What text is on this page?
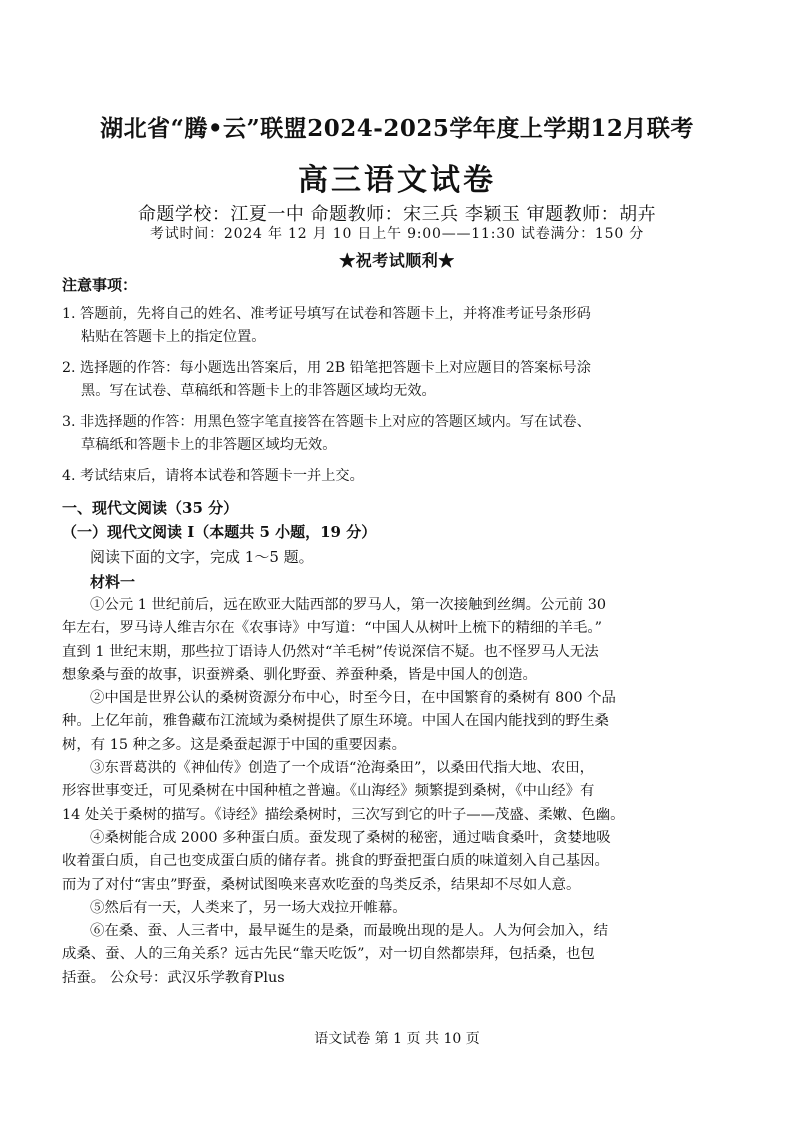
湖北省“腾•云”联盟2024-2025学年度上学期12月联考
高三语文试卷
命题学校：江夏一中 命题教师：宋三兵 李颖玉 审题教师：胡卉
考试时间：2024 年 12 月 10 日上午 9:00——11:30 试卷满分：150 分
★祝考试顺利★
注意事项：
1. 答题前，先将自己的姓名、准考证号填写在试卷和答题卡上，并将准考证号条形码
粘贴在答题卡上的指定位置。
2. 选择题的作答：每小题选出答案后，用 2B 铅笔把答题卡上对应题目的答案标号涂
黑。写在试卷、草稿纸和答题卡上的非答题区域均无效。
3. 非选择题的作答：用黑色签字笔直接答在答题卡上对应的答题区域内。写在试卷、
草稿纸和答题卡上的非答题区域均无效。
4. 考试结束后，请将本试卷和答题卡一并上交。
一、现代文阅读（35 分）
（一）现代文阅读 I（本题共 5 小题，19 分）
阅读下面的文字，完成 1～5 题。
材料一
①公元 1 世纪前后，远在欧亚大陆西部的罗马人，第一次接触到丝绸。公元前 30
年左右，罗马诗人维吉尔在《农事诗》中写道：“中国人从树叶上梳下的精细的羊毛。”
直到 1 世纪末期，那些拉丁语诗人仍然对“羊毛树”传说深信不疑。也不怪罗马人无法
想象桑与蚕的故事，识蚕辨桑、驯化野蚕、养蚕种桑，皆是中国人的创造。
②中国是世界公认的桑树资源分布中心，时至今日，在中国繁育的桑树有 800 个品
种。上亿年前，雅鲁藏布江流域为桑树提供了原生环境。中国人在国内能找到的野生桑
树，有 15 种之多。这是桑蚕起源于中国的重要因素。
③东晋葛洪的《神仙传》创造了一个成语“沧海桑田”，以桑田代指大地、农田，
形容世事变迁，可见桑树在中国种植之普遍。《山海经》频繁提到桑树，《中山经》有
14 处关于桑树的描写。《诗经》描绘桑树时，三次写到它的叶子——茂盛、柔嫩、色幽。
④桑树能合成 2000 多种蛋白质。蚕发现了桑树的秘密，通过啮食桑叶，贪婪地吸
收着蛋白质，自己也变成蛋白质的储存者。挑食的野蚕把蛋白质的味道刻入自己基因。
而为了对付“害虫”野蚕，桑树试图唤来喜欢吃蚕的鸟类反杀，结果却不尽如人意。
⑤然后有一天，人类来了，另一场大戏拉开帷幕。
⑥在桑、蚕、人三者中，最早诞生的是桑，而最晚出现的是人。人为何会加入，结
成桑、蚕、人的三角关系？远古先民“靠天吃饭”，对一切自然都崇拜，包括桑，也包
括蚕。 公众号：武汉乐学教育Plus
语文试卷 第 1 页 共 10 页
